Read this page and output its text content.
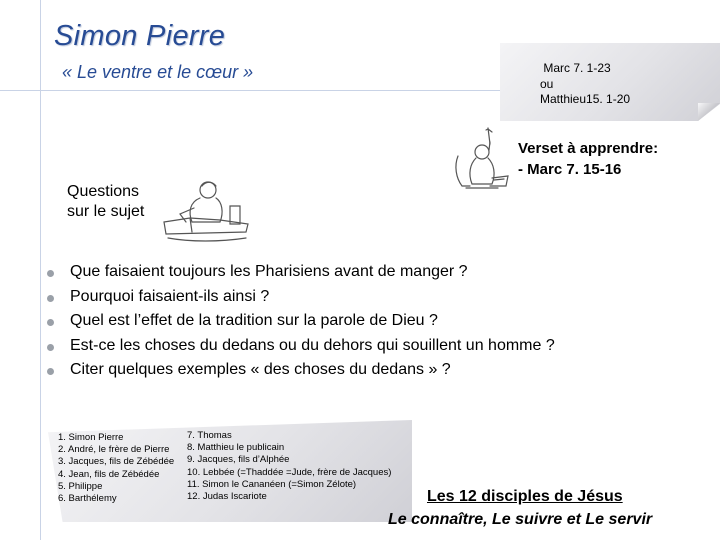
Simon Pierre
« Le ventre et le cœur »	Marc 7. 1-23
ou
Matthieu15. 1-20
Verset à apprendre:
- Marc 7. 15-16
Questions
sur le sujet
Que faisaient toujours les Pharisiens avant de manger ?
Pourquoi faisaient-ils ainsi ?
Quel est l’effet de la tradition sur la parole de Dieu ?
Est-ce les choses du dedans ou du dehors qui souillent un homme ?
Citer quelques exemples « des choses du dedans » ?
1. Simon Pierre
2. André, le frère de Pierre
3. Jacques, fils de Zébédée
4. Jean, fils de Zébédée
5. Philippe
6. Barthélemy
7. Thomas
8. Matthieu le publicain
9. Jacques, fils d’Alphée
10. Lebbée (=Thaddée =Jude, frère de Jacques)
11. Simon le Cananéen (=Simon Zélote)
12. Judas Iscariote	Les 12 disciples de Jésus
Le connaître, Le suivre et Le servir
